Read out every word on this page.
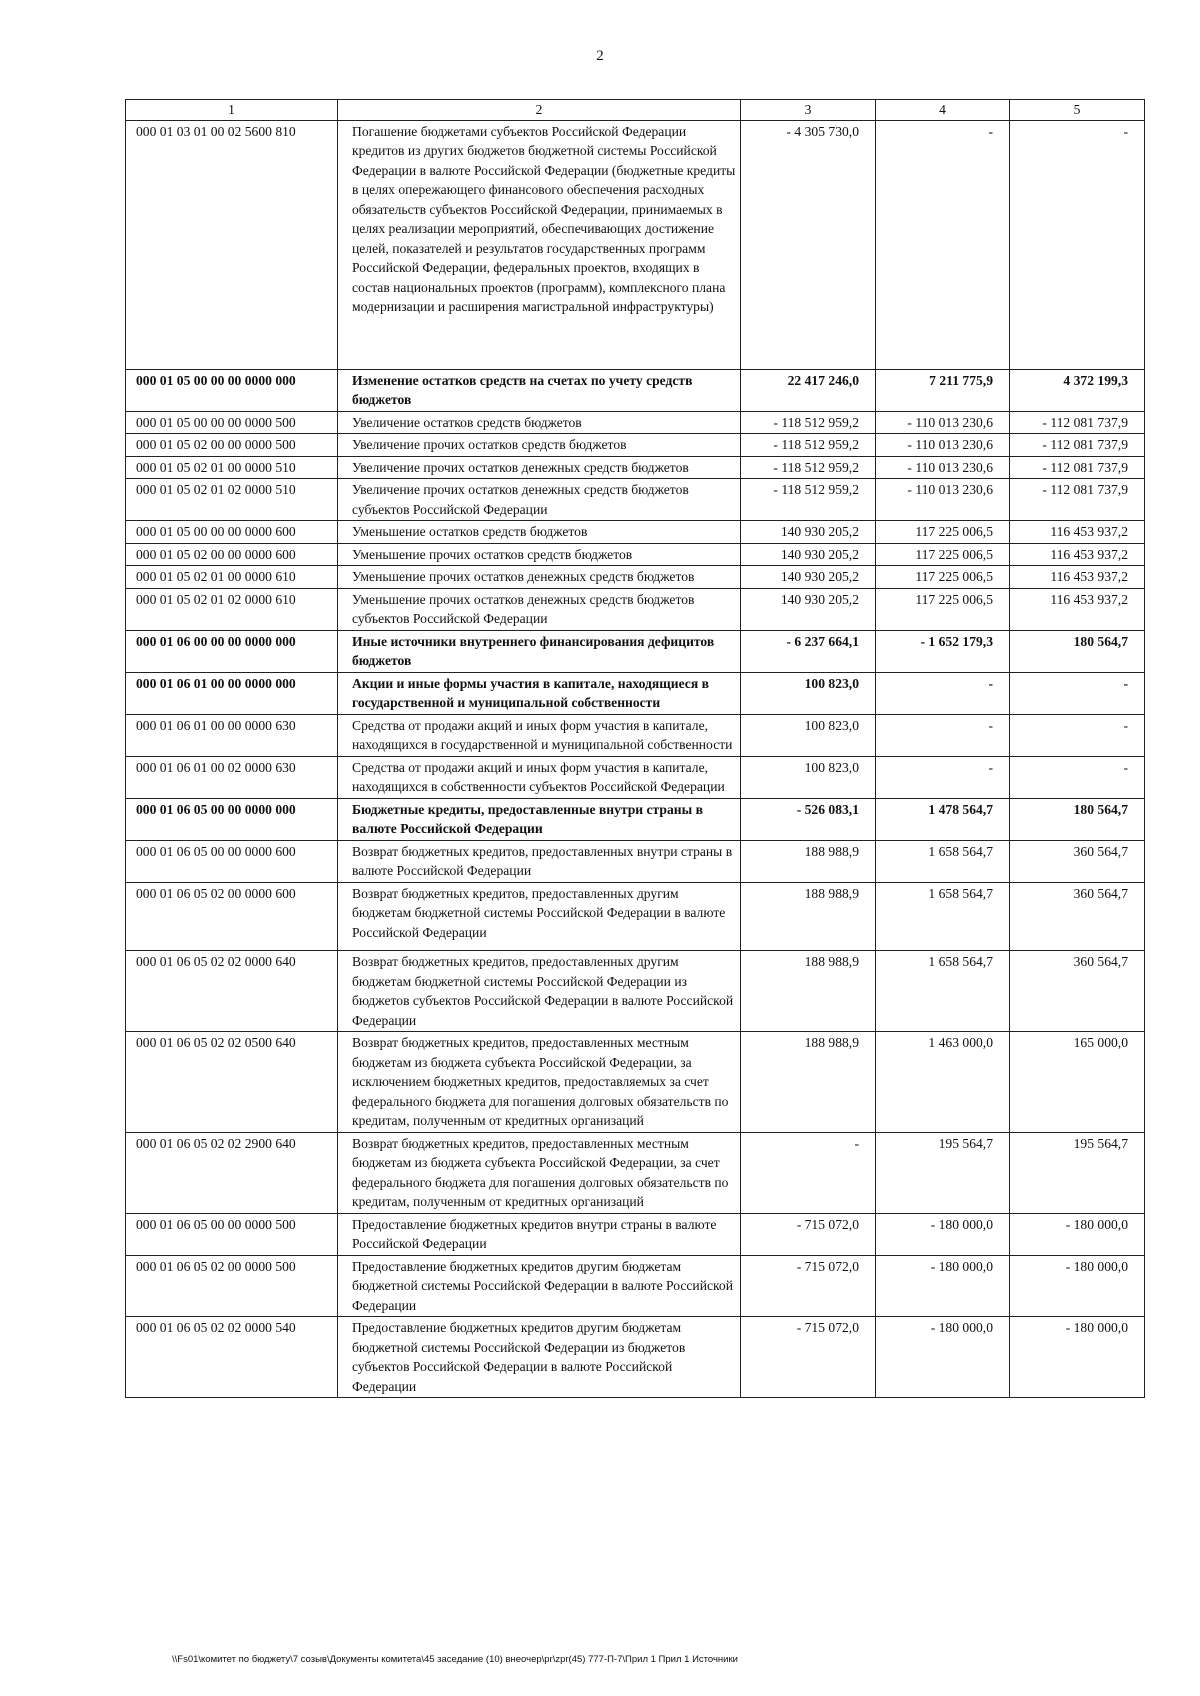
2
1	2	3	4	5
000 01 03 01 00 02 5600 810	Погашение бюджетами субъектов Российской Федерации кредитов из других бюджетов бюджетной системы Российской Федерации в валюте Российской Федерации (бюджетные кредиты в целях опережающего финансового обеспечения расходных обязательств субъектов Российской Федерации, принимаемых в целях реализации мероприятий, обеспечивающих достижение целей, показателей и результатов государственных программ Российской Федерации, федеральных проектов, входящих в состав национальных проектов (программ), комплексного плана модернизации и расширения магистральной инфраструктуры)	- 4 305 730,0	-	-
000 01 05 00 00 00 0000 000	Изменение остатков средств на счетах по учету средств бюджетов	22 417 246,0	7 211 775,9	4 372 199,3
000 01 05 00 00 00 0000 500	Увеличение остатков средств бюджетов	- 118 512 959,2	- 110 013 230,6	- 112 081 737,9
000 01 05 02 00 00 0000 500	Увеличение прочих остатков средств бюджетов	- 118 512 959,2	- 110 013 230,6	- 112 081 737,9
000 01 05 02 01 00 0000 510	Увеличение прочих остатков денежных средств бюджетов	- 118 512 959,2	- 110 013 230,6	- 112 081 737,9
000 01 05 02 01 02 0000 510	Увеличение прочих остатков денежных средств бюджетов субъектов Российской Федерации	- 118 512 959,2	- 110 013 230,6	- 112 081 737,9
000 01 05 00 00 00 0000 600	Уменьшение остатков средств бюджетов	140 930 205,2	117 225 006,5	116 453 937,2
000 01 05 02 00 00 0000 600	Уменьшение прочих остатков средств бюджетов	140 930 205,2	117 225 006,5	116 453 937,2
000 01 05 02 01 00 0000 610	Уменьшение прочих остатков денежных средств бюджетов	140 930 205,2	117 225 006,5	116 453 937,2
000 01 05 02 01 02 0000 610	Уменьшение прочих остатков денежных средств бюджетов субъектов Российской Федерации	140 930 205,2	117 225 006,5	116 453 937,2
000 01 06 00 00 00 0000 000	Иные источники внутреннего финансирования дефицитов бюджетов	- 6 237 664,1	- 1 652 179,3	180 564,7
000 01 06 01 00 00 0000 000	Акции и иные формы участия в капитале, находящиеся в государственной и муниципальной собственности	100 823,0	-	-
000 01 06 01 00 00 0000 630	Средства от продажи акций и иных форм участия в капитале, находящихся в государственной и муниципальной собственности	100 823,0	-	-
000 01 06 01 00 02 0000 630	Средства от продажи акций и иных форм участия в капитале, находящихся в собственности субъектов Российской Федерации	100 823,0	-	-
000 01 06 05 00 00 0000 000	Бюджетные кредиты, предоставленные внутри страны в валюте Российской Федерации	- 526 083,1	1 478 564,7	180 564,7
000 01 06 05 00 00 0000 600	Возврат бюджетных кредитов, предоставленных внутри страны в валюте Российской Федерации	188 988,9	1 658 564,7	360 564,7
000 01 06 05 02 00 0000 600	Возврат бюджетных кредитов, предоставленных другим бюджетам бюджетной системы Российской Федерации в валюте Российской Федерации	188 988,9	1 658 564,7	360 564,7
000 01 06 05 02 02 0000 640	Возврат бюджетных кредитов, предоставленных другим бюджетам бюджетной системы Российской Федерации из бюджетов субъектов Российской Федерации в валюте Российской Федерации	188 988,9	1 658 564,7	360 564,7
000 01 06 05 02 02 0500 640	Возврат бюджетных кредитов, предоставленных местным бюджетам из бюджета субъекта Российской Федерации, за исключением бюджетных кредитов, предоставляемых за счет федерального бюджета для погашения долговых обязательств по кредитам, полученным от кредитных организаций	188 988,9	1 463 000,0	165 000,0
000 01 06 05 02 02 2900 640	Возврат бюджетных кредитов, предоставленных местным бюджетам из бюджета субъекта Российской Федерации, за счет федерального бюджета для погашения долговых обязательств по кредитам, полученным от кредитных организаций	-	195 564,7	195 564,7
000 01 06 05 00 00 0000 500	Предоставление бюджетных кредитов внутри страны в валюте Российской Федерации	- 715 072,0	- 180 000,0	- 180 000,0
000 01 06 05 02 00 0000 500	Предоставление бюджетных кредитов другим бюджетам бюджетной системы Российской Федерации в валюте Российской Федерации	- 715 072,0	- 180 000,0	- 180 000,0
000 01 06 05 02 02 0000 540	Предоставление бюджетных кредитов другим бюджетам бюджетной системы Российской Федерации из бюджетов субъектов Российской Федерации в валюте Российской Федерации	- 715 072,0	- 180 000,0	- 180 000,0
\\Fs01\комитет по бюджету\7 созыв\Документы комитета\45 заседание (10) внеочер\pr\zpr(45) 777-П-7\Прил 1 Прил 1 Источники
